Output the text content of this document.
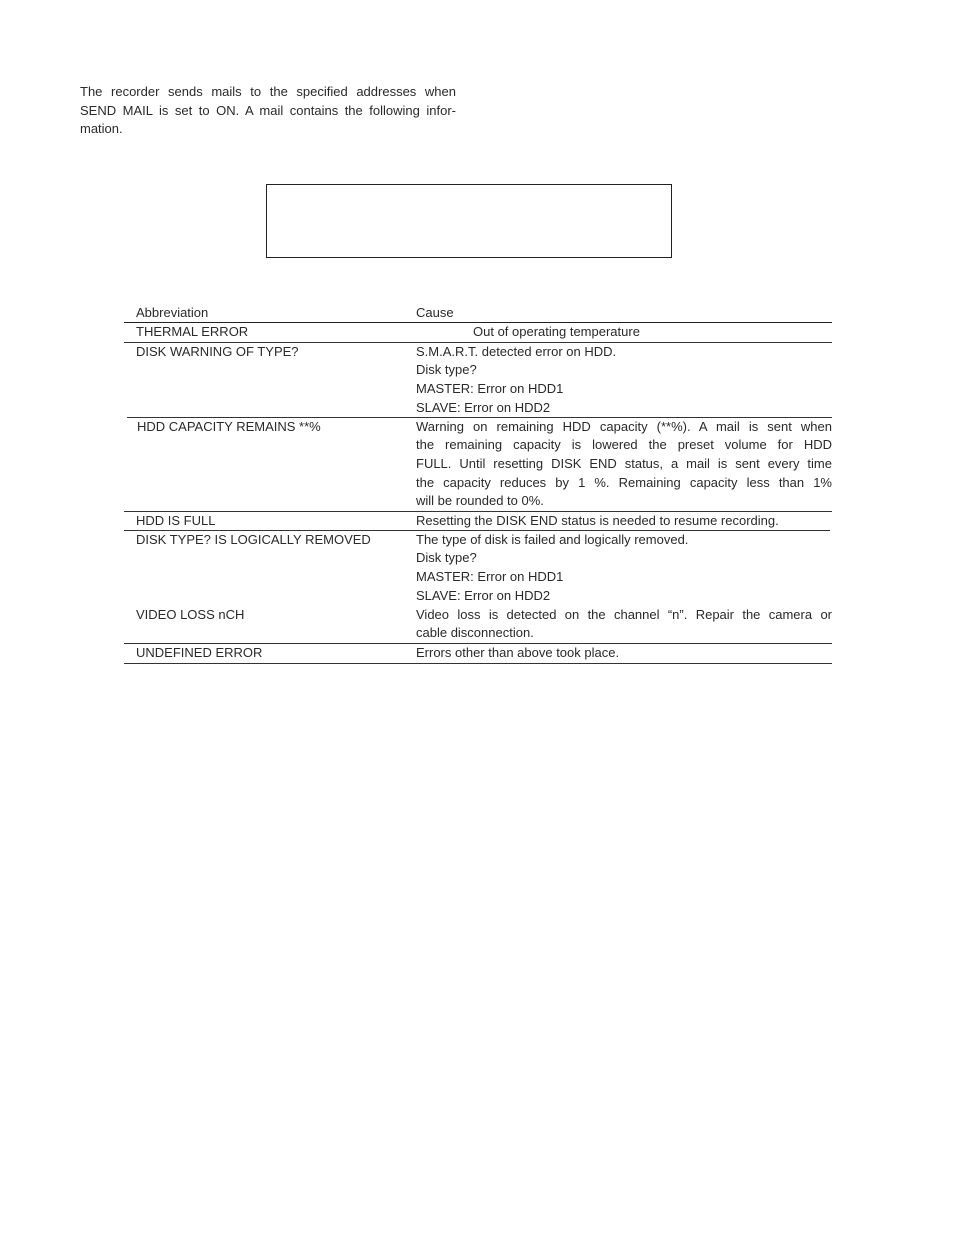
The recorder sends mails to the specified addresses when
SEND MAIL is set to ON. A mail contains the following infor-
mation.
Abbreviation	Cause
THERMAL ERROR	Out of operating temperature
DISK WARNING OF TYPE?	S.M.A.R.T. detected error on HDD.
Disk type?
MASTER: Error on HDD1
SLAVE: Error on HDD2
HDD CAPACITY REMAINS **%	Warning on remaining HDD capacity (**%). A mail is sent when
the remaining capacity is lowered the preset volume for HDD
FULL. Until resetting DISK END status, a mail is sent every time
the capacity reduces by 1 %. Remaining capacity less than 1%
will be rounded to 0%.
HDD IS FULL	Resetting the DISK END status is needed to resume recording.
DISK TYPE? IS LOGICALLY REMOVED	The type of disk is failed and logically removed.
Disk type?
MASTER: Error on HDD1
SLAVE: Error on HDD2
VIDEO LOSS nCH	Video loss is detected on the channel “n”. Repair the camera or
cable disconnection.
UNDEFINED ERROR	Errors other than above took place.
